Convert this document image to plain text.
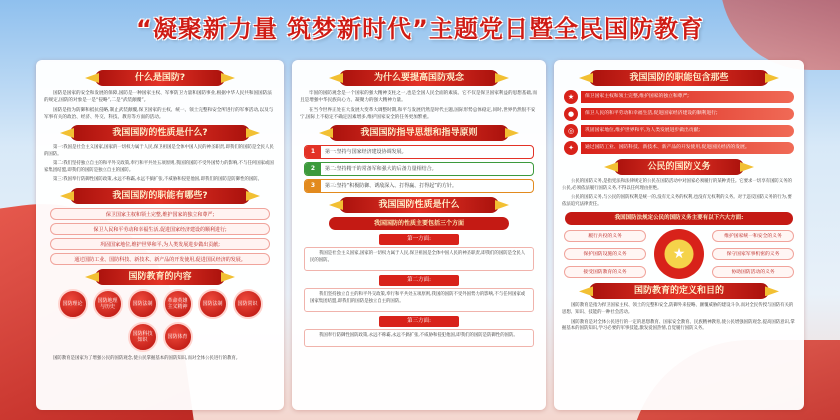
“凝聚新力量 筑梦新时代”主题党日暨全民国防教育
什么是国防?

国防是国家的安全和发展的保障,国防是一种国家主权、军事防卫力量和国防事业,根据中华人民共和国国防法的规定,国防的对象是一是“侵略”,二是“武装颠覆”。

国防是指为防御和抵抗侵略,制止武装颠覆,保卫国家的主权、统一、领土完整和安全所进行的军事活动,以及与军事有关的政治、经济、外交、科技、教育等方面的活动。

我国国防的性质是什么?

第一:我国是社会主义国家,国家的一切权力属于人民,保卫祖国是全体中国人民的神圣职责,即我们的国防是全民人民的国防。

第二:我们坚持独立自主的和平外交政策,奉行和平共处五项原则,我国的国防不受外国势力的影响,不与任何国家或国家集团结盟,即我们的国防是独立自主的国防。

第三:我国奉行防御性国防政策,永远不称霸,永远不搞扩张,不威胁和侵犯他国,即我们的国防是防御性的国防。

我国国防的职能有哪些?
保卫国家主权和领土完整,维护国家的独立和尊严;
保卫人民和平劳动和幸福生活,促进国家经济建设的顺利进行;
巩固国家地位,维护世界和平,为人类发展进步做出贡献;
通过国防工业、国防科技、新技术、新产品的开发使用,促进国民经济的发展。
国防教育的内容
国防理论	国防地理与历史	国防法制	革命英雄主义精神	国防法制	国防常识
国防科技知识	国防体育

国防教育是国家为了增强公民的国防观念,使公民掌握基本的国防知识,而对全体公民进行的教育。

为什么要提高国防观念

牢固的国防观念是一个国家的强大精神支柱之一,也是全国人民全面的素质。它不仅是保卫国家利益的思想基础,而且是增强中华民族向心力、凝聚力的强大精神力量。

在当今世界正处在大发展大变革大调整时期,和平与发展仍然是时代主题,国际形势总体稳定,同时,世界仍然很不安宁,国际上不稳定不确定因素增多,维护国家安全的任务更加繁重。

我国国防指导思想和指导原则
1	第一:坚持与国家经济建设协调发展。
2	第二:坚持精干的常备军和强大的后备力量相结合。
3	第三:坚持“积极防御、诱敌深入、打得赢、打得起”的方针。
我国国防性质是什么
我国国防的性质主要包括三个方面
第一方面:

我国是社会主义国家,国家的一切权力属于人民,保卫祖国是全体中国人民的神圣职责,即我们的国防是全民人民的国防。

第二方面:

我们坚持独立自主的和平外交政策,奉行和平共处五项原则,我国的国防不受外国势力的影响,不与任何国家或国家集团结盟,即我们的国防是独立自主的国防。

第三方面:

我国奉行防御性国防政策,永远不称霸,永远不搞扩张,不威胁和侵犯他国,即我们的国防是防御性的国防。

我国国防的职能包含那些
★	保卫国家主权和领土完整,维护国家的独立和尊严;
●	保卫人民的和平劳动和幸福生活,促进国家经济建设的顺利进行;
◎	巩固国家地位,维护世界和平,为人类发展进步做出贡献;
✦	通过国防工业、国防科技、新技术、新产品的开发使用,促进国民经济的发展。
公民的国防义务

公民的国防义务,是指宪法和法律规定的公民在国防活动中对国家必须履行的某种责任。它要求一切享有国防义务的公民,必须依法履行国防义务,不得以任何理由拒绝。

公民的国防义务,与公民的国防权利是统一的,没有无义务的权利,也没有无权利的义务。对于违反国防义务的行为,要依法追究法律责任。

我国国防法规定公民的国防义务主要有以下六大方面:
履行兵役的义务
保护国防设施的义务
接受国防教育的义务
★
维护国家统一和安全的义务
保守国家军事机密的义务
协助国防活动的义务
国防教育的定义和目的

国防教育是指为捍卫国家主权、领土的完整和安全,防御外来侵略、颠覆威胁的建设斗争,而对全民传授与国防有关的思想、知识、技能的一种社会活动。

国防教育是对全体公民进行的一定的思想教育、国家安全教育、民族精神教育,使公民增强国防观念,提高国防意识,掌握基本的国防知识,学习必要的军事技能,激发爱国热情,自觉履行国防义务。
